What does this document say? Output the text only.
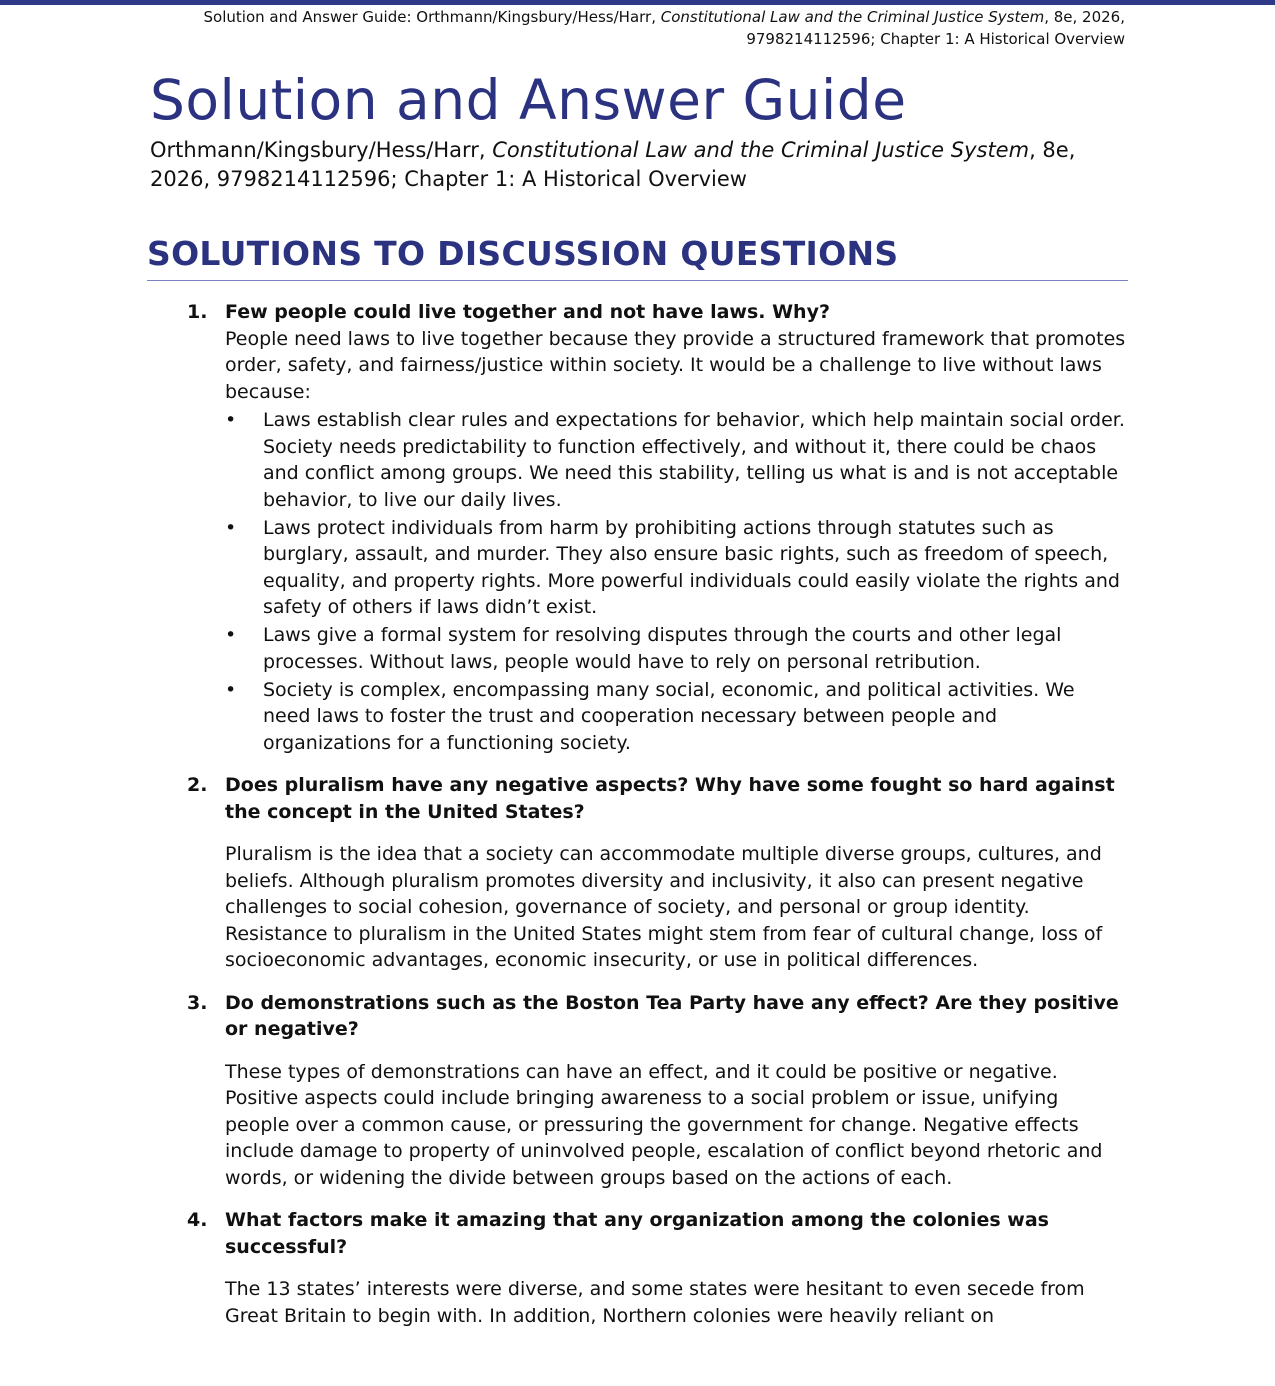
Solution and Answer Guide: Orthmann/Kingsbury/Hess/Harr, Constitutional Law and the Criminal Justice System, 8e, 2026, 9798214112596; Chapter 1: A Historical Overview
Solution and Answer Guide
Orthmann/Kingsbury/Hess/Harr, Constitutional Law and the Criminal Justice System, 8e, 2026, 9798214112596; Chapter 1: A Historical Overview
SOLUTIONS TO DISCUSSION QUESTIONS
1. Few people could live together and not have laws. Why?
People need laws to live together because they provide a structured framework that promotes order, safety, and fairness/justice within society. It would be a challenge to live without laws because:
• Laws establish clear rules and expectations for behavior, which help maintain social order. Society needs predictability to function effectively, and without it, there could be chaos and conflict among groups. We need this stability, telling us what is and is not acceptable behavior, to live our daily lives.
• Laws protect individuals from harm by prohibiting actions through statutes such as burglary, assault, and murder. They also ensure basic rights, such as freedom of speech, equality, and property rights. More powerful individuals could easily violate the rights and safety of others if laws didn’t exist.
• Laws give a formal system for resolving disputes through the courts and other legal processes. Without laws, people would have to rely on personal retribution.
• Society is complex, encompassing many social, economic, and political activities. We need laws to foster the trust and cooperation necessary between people and organizations for a functioning society.
2. Does pluralism have any negative aspects? Why have some fought so hard against the concept in the United States?
Pluralism is the idea that a society can accommodate multiple diverse groups, cultures, and beliefs. Although pluralism promotes diversity and inclusivity, it also can present negative challenges to social cohesion, governance of society, and personal or group identity.
Resistance to pluralism in the United States might stem from fear of cultural change, loss of socioeconomic advantages, economic insecurity, or use in political differences.
3. Do demonstrations such as the Boston Tea Party have any effect? Are they positive or negative?
These types of demonstrations can have an effect, and it could be positive or negative. Positive aspects could include bringing awareness to a social problem or issue, unifying people over a common cause, or pressuring the government for change. Negative effects include damage to property of uninvolved people, escalation of conflict beyond rhetoric and words, or widening the divide between groups based on the actions of each.
4. What factors make it amazing that any organization among the colonies was successful?
The 13 states’ interests were diverse, and some states were hesitant to even secede from Great Britain to begin with. In addition, Northern colonies were heavily reliant on
